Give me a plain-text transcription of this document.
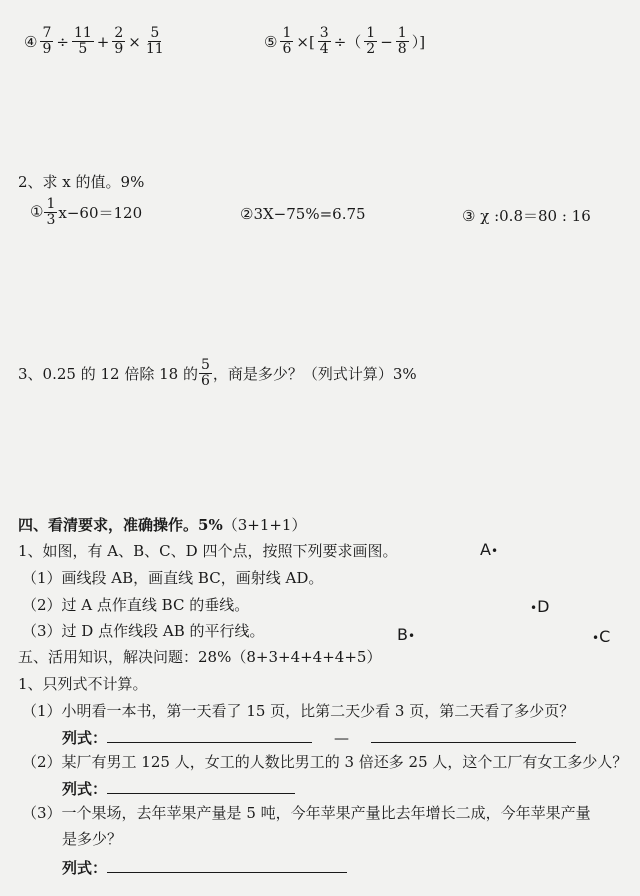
④ $\frac{7}{9} \div \frac{11}{5} + \frac{2}{9} \times \frac{5}{11}$	⑤ $\frac{1}{6}$ ×[ $\frac{3}{4}$ ÷（ $\frac{1}{2} - \frac{1}{8}$ ）]
2、求 x 的值。9%
① $\frac{1}{3} x-60=120$	②3X−75%=6.75	③ χ :0.8＝80 : 16
3、0.25 的 12 倍除 18 的 $\frac{5}{6}$ ，商是多少？（列式计算）3%
四、看清要求，准确操作。5%（3+1+1）
1、如图，有 A、B、C、D 四个点，按照下列要求画图。
（1）画线段 AB，画直线 BC，画射线 AD。
（2）过 A 点作直线 BC 的垂线。
（3）过 D 点作线段 AB 的平行线。
A•
•D
B•	•C
五、活用知识，解决问题：28%（8+3+4+4+4+5）
1、只列式不计算。
（1）小明看一本书，第一天看了 15 页，比第二天少看 3 页，第二天看了多少页？
列式：	—
（2）某厂有男工 125 人，女工的人数比男工的 3 倍还多 25 人，这个工厂有女工多少人？
列式：
（3）一个果场，去年苹果产量是 5 吨，今年苹果产量比去年增长二成，今年苹果产量
是多少？
列式：
